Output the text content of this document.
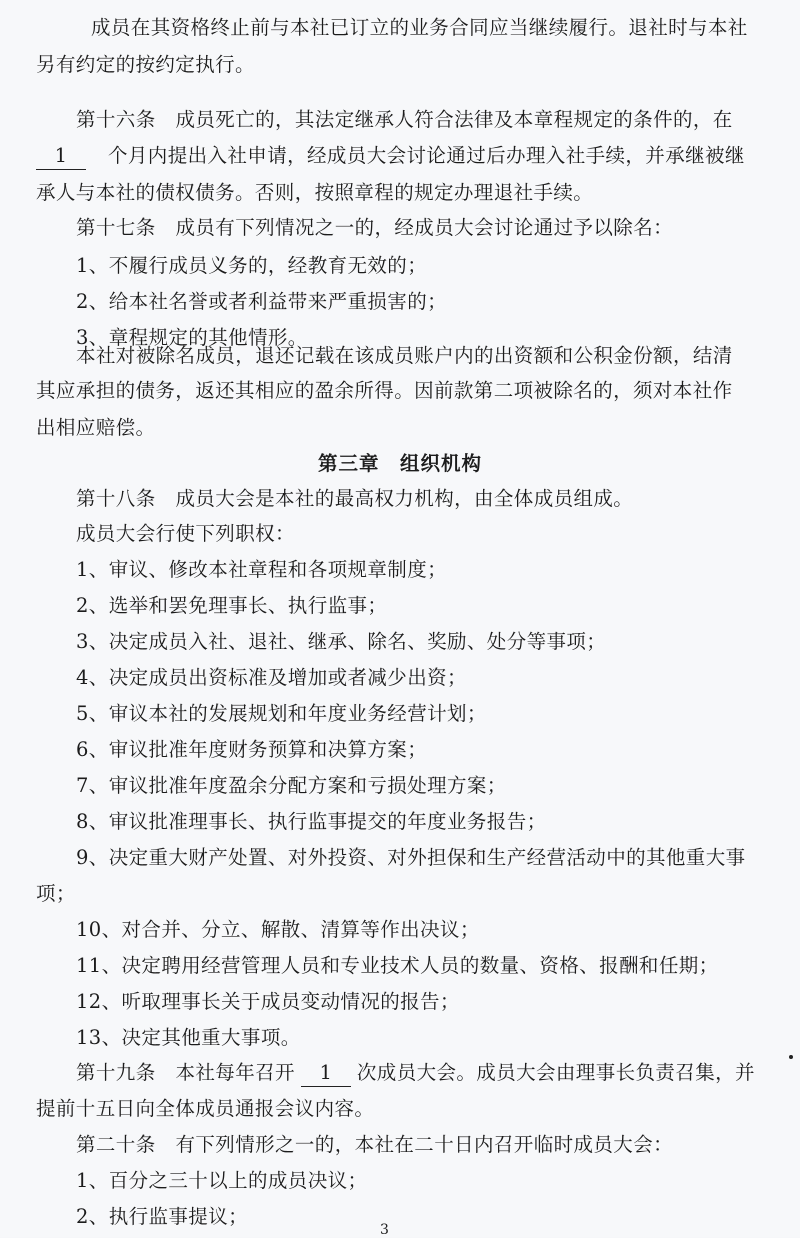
成员在其资格终止前与本社已订立的业务合同应当继续履行。退社时与本社
另有约定的按约定执行。
第十六条　成员死亡的，其法定继承人符合法律及本章程规定的条件的，在
1 个月内提出入社申请，经成员大会讨论通过后办理入社手续，并承继被继
承人与本社的债权债务。否则，按照章程的规定办理退社手续。
第十七条　成员有下列情况之一的，经成员大会讨论通过予以除名：
1、不履行成员义务的，经教育无效的；
2、给本社名誉或者利益带来严重损害的；
3、章程规定的其他情形。
本社对被除名成员，退还记载在该成员账户内的出资额和公积金份额，结清
其应承担的债务，返还其相应的盈余所得。因前款第二项被除名的，须对本社作
出相应赔偿。
第三章　组织机构
第十八条　成员大会是本社的最高权力机构，由全体成员组成。
成员大会行使下列职权：
1、审议、修改本社章程和各项规章制度；
2、选举和罢免理事长、执行监事；
3、决定成员入社、退社、继承、除名、奖励、处分等事项；
4、决定成员出资标准及增加或者减少出资；
5、审议本社的发展规划和年度业务经营计划；
6、审议批准年度财务预算和决算方案；
7、审议批准年度盈余分配方案和亏损处理方案；
8、审议批准理事长、执行监事提交的年度业务报告；
9、决定重大财产处置、对外投资、对外担保和生产经营活动中的其他重大事
项；
10、对合并、分立、解散、清算等作出决议；
11、决定聘用经营管理人员和专业技术人员的数量、资格、报酬和任期；
12、听取理事长关于成员变动情况的报告；
13、决定其他重大事项。
第十九条　本社每年召开 1 次成员大会。成员大会由理事长负责召集，并
提前十五日向全体成员通报会议内容。
第二十条　有下列情形之一的，本社在二十日内召开临时成员大会：
1、百分之三十以上的成员决议；
2、执行监事提议；
3
